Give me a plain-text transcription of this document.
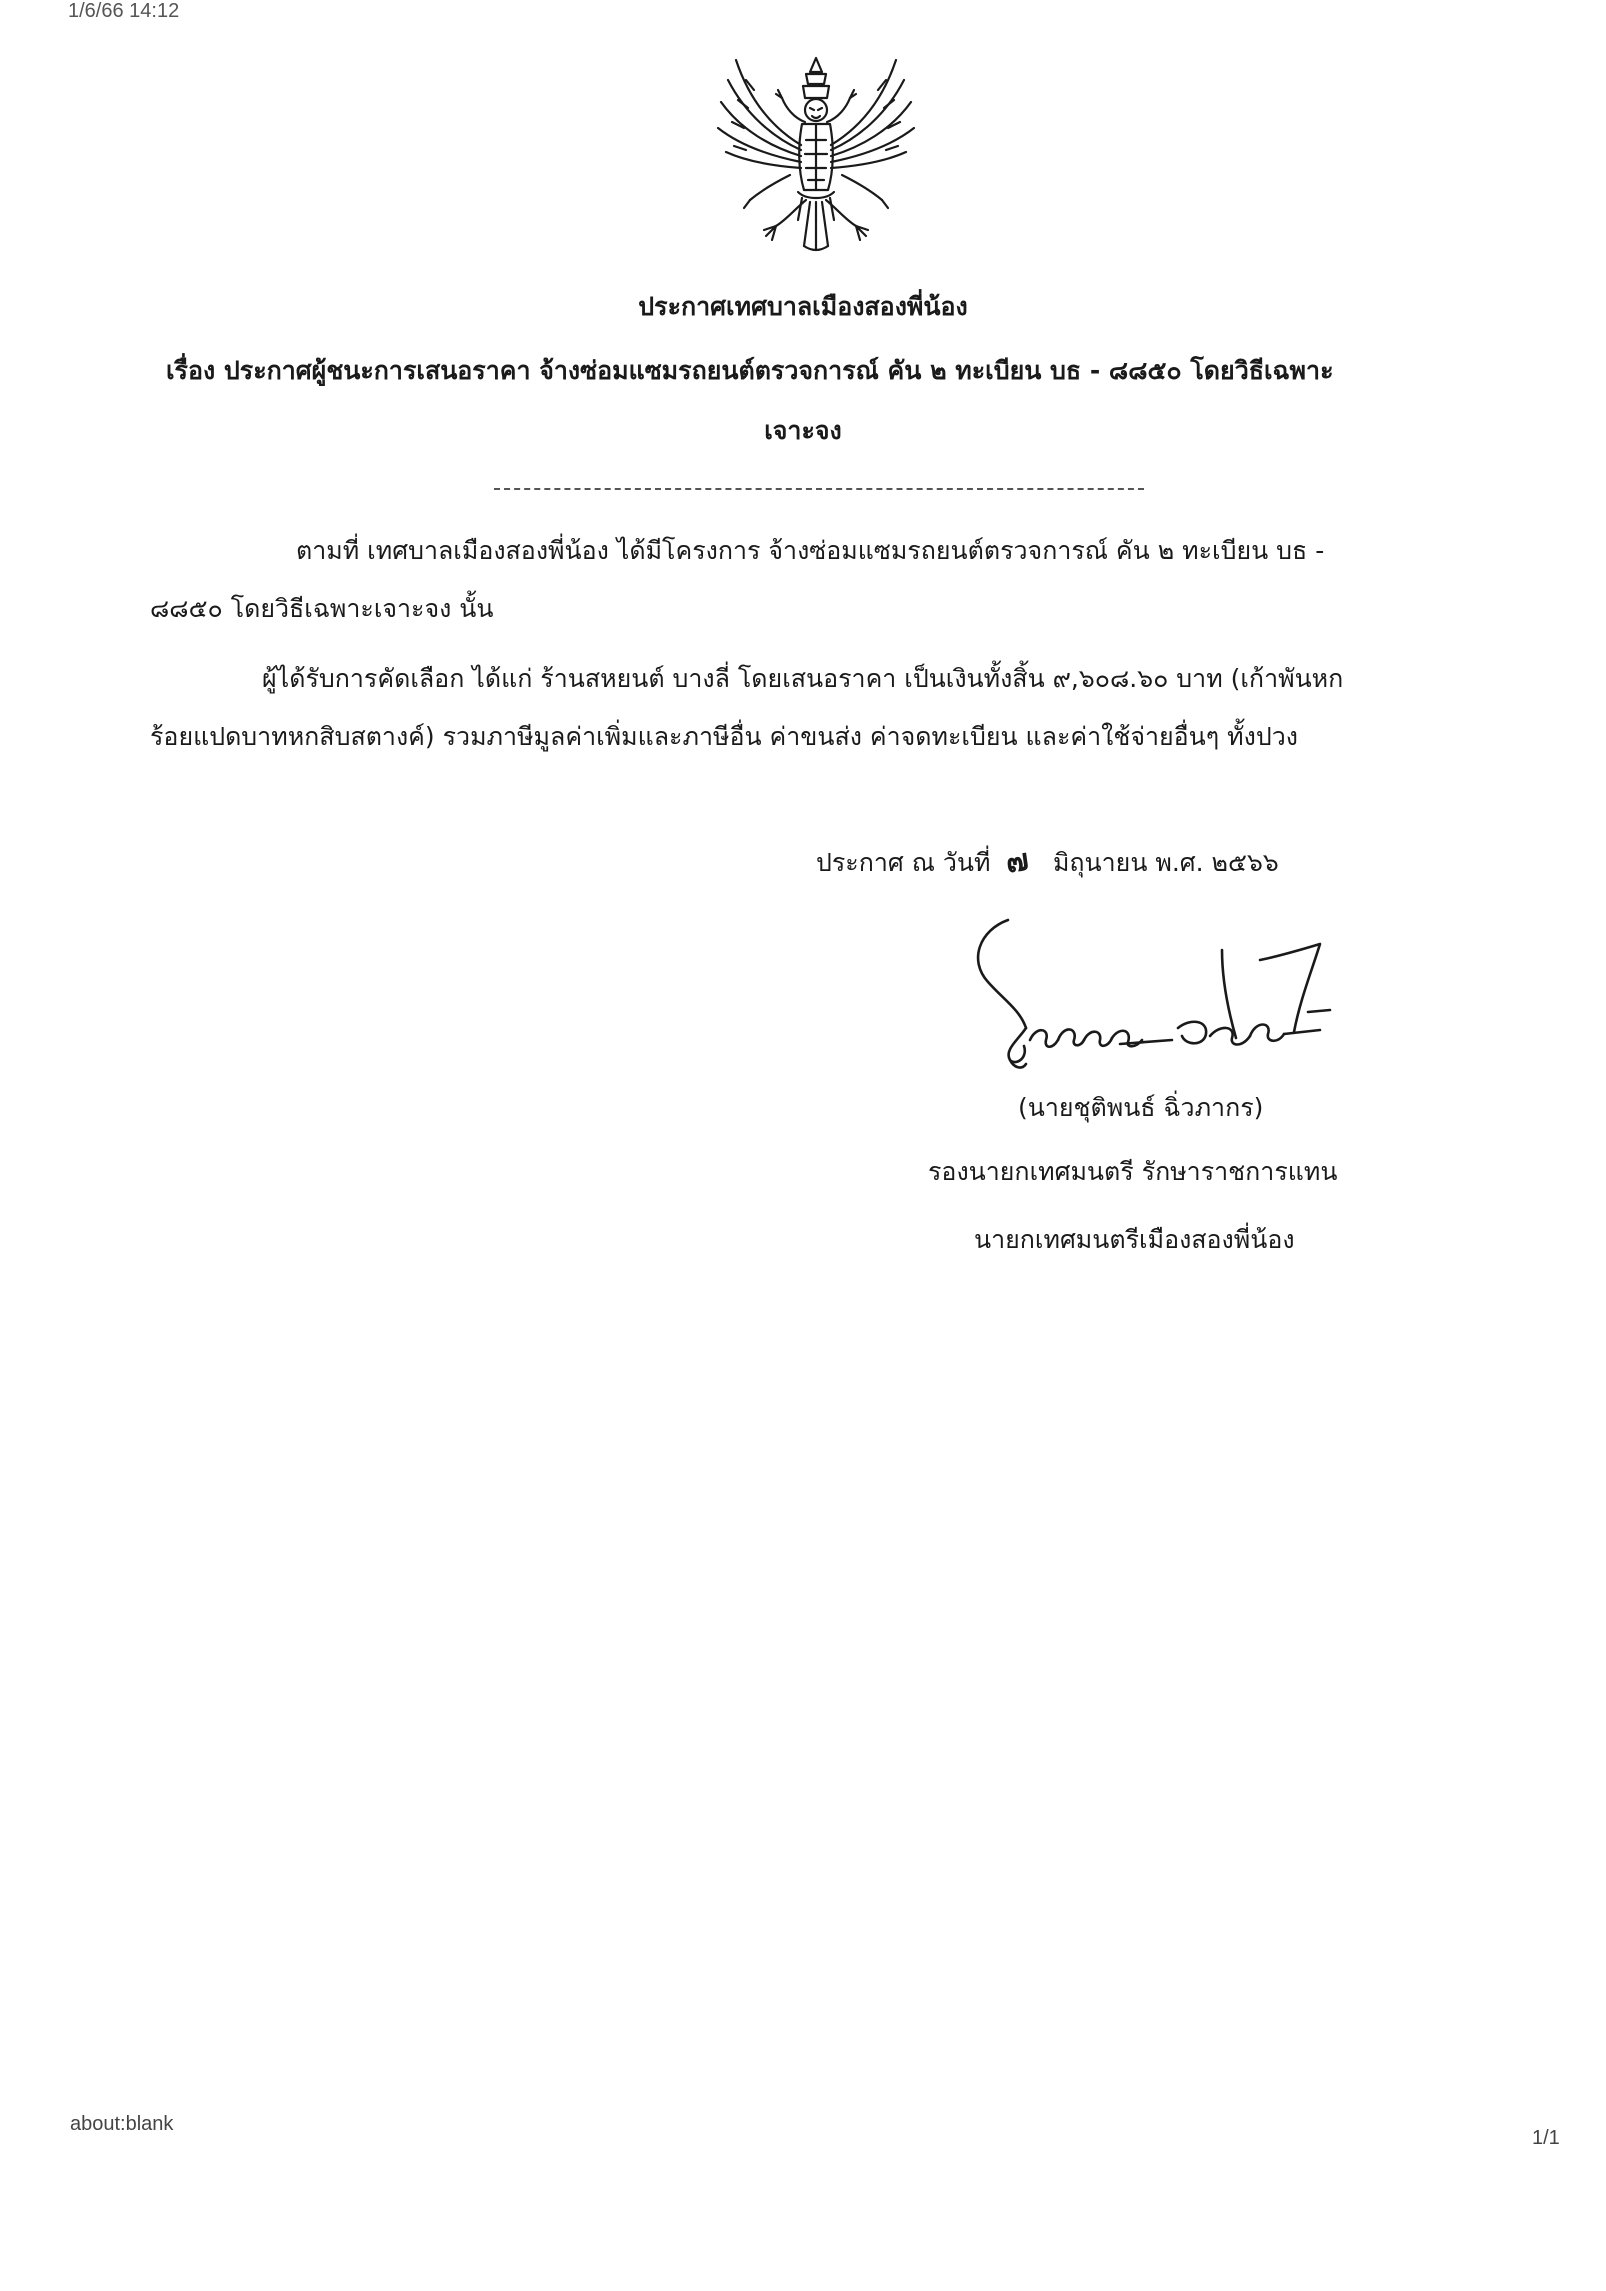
1/6/66 14:12
ประกาศเทศบาลเมืองสองพี่น้อง
เรื่อง ประกาศผู้ชนะการเสนอราคา จ้างซ่อมแซมรถยนต์ตรวจการณ์ คัน ๒ ทะเบียน บธ - ๘๘๕๐ โดยวิธีเฉพาะ
เจาะจง
ตามที่ เทศบาลเมืองสองพี่น้อง ได้มีโครงการ จ้างซ่อมแซมรถยนต์ตรวจการณ์ คัน ๒ ทะเบียน บธ -
๘๘๕๐ โดยวิธีเฉพาะเจาะจง นั้น
ผู้ได้รับการคัดเลือก ได้แก่ ร้านสหยนต์ บางลี่ โดยเสนอราคา เป็นเงินทั้งสิ้น ๙,๖๐๘.๖๐ บาท (เก้าพันหก
ร้อยแปดบาทหกสิบสตางค์) รวมภาษีมูลค่าเพิ่มและภาษีอื่น ค่าขนส่ง ค่าจดทะเบียน และค่าใช้จ่ายอื่นๆ ทั้งปวง
ประกาศ ณ วันที่ ๗ มิถุนายน พ.ศ. ๒๕๖๖
(นายชุติพนธ์ ฉิ่วภากร)
รองนายกเทศมนตรี รักษาราชการแทน
นายกเทศมนตรีเมืองสองพี่น้อง
about:blank
1/1
